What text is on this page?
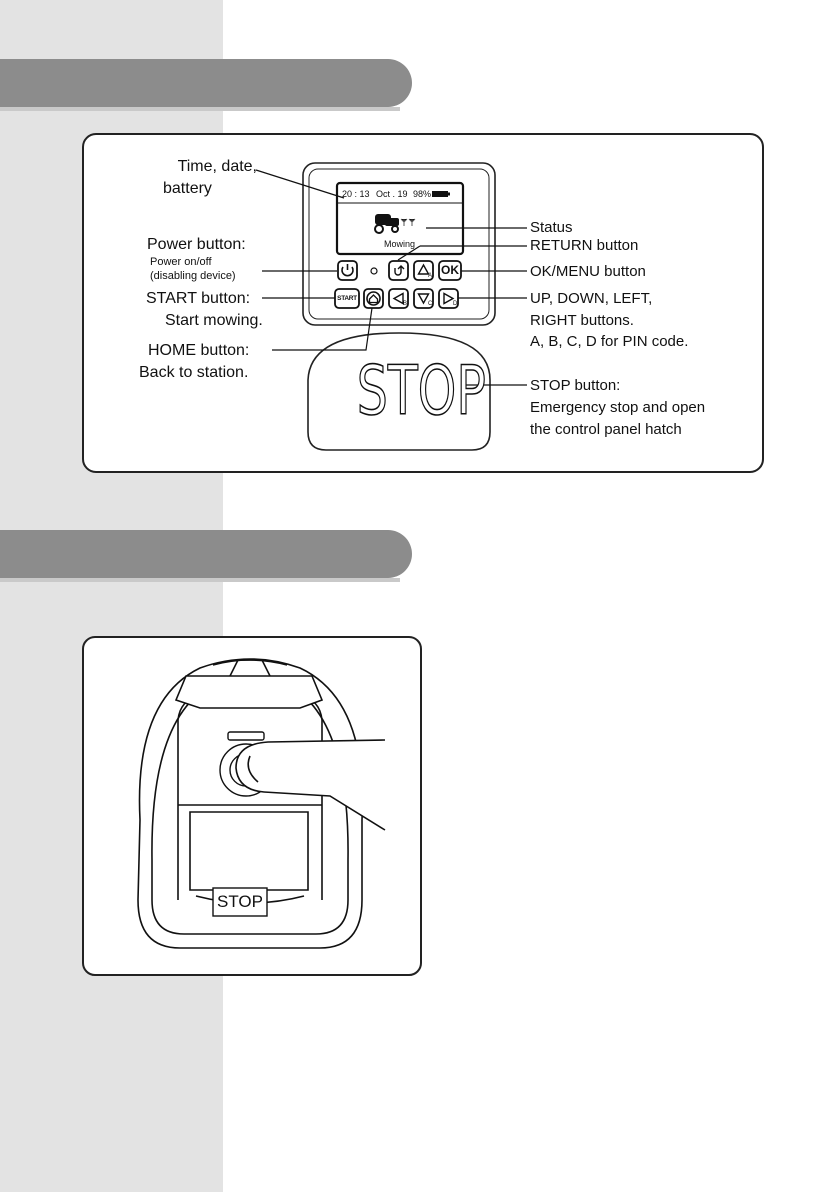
20 : 13 Oct . 19 98%
Mowing
OK
START
A
B	C	D
STOP
Time, date,
battery
Power button:
Power on/off
(disabling device)
START button:
Start mowing.
HOME button:
Back to station.
Status
RETURN button
OK/MENU button
UP, DOWN, LEFT,
RIGHT buttons.
A, B, C, D for PIN code.
STOP button:
Emergency stop and open
the control panel hatch
STOP
